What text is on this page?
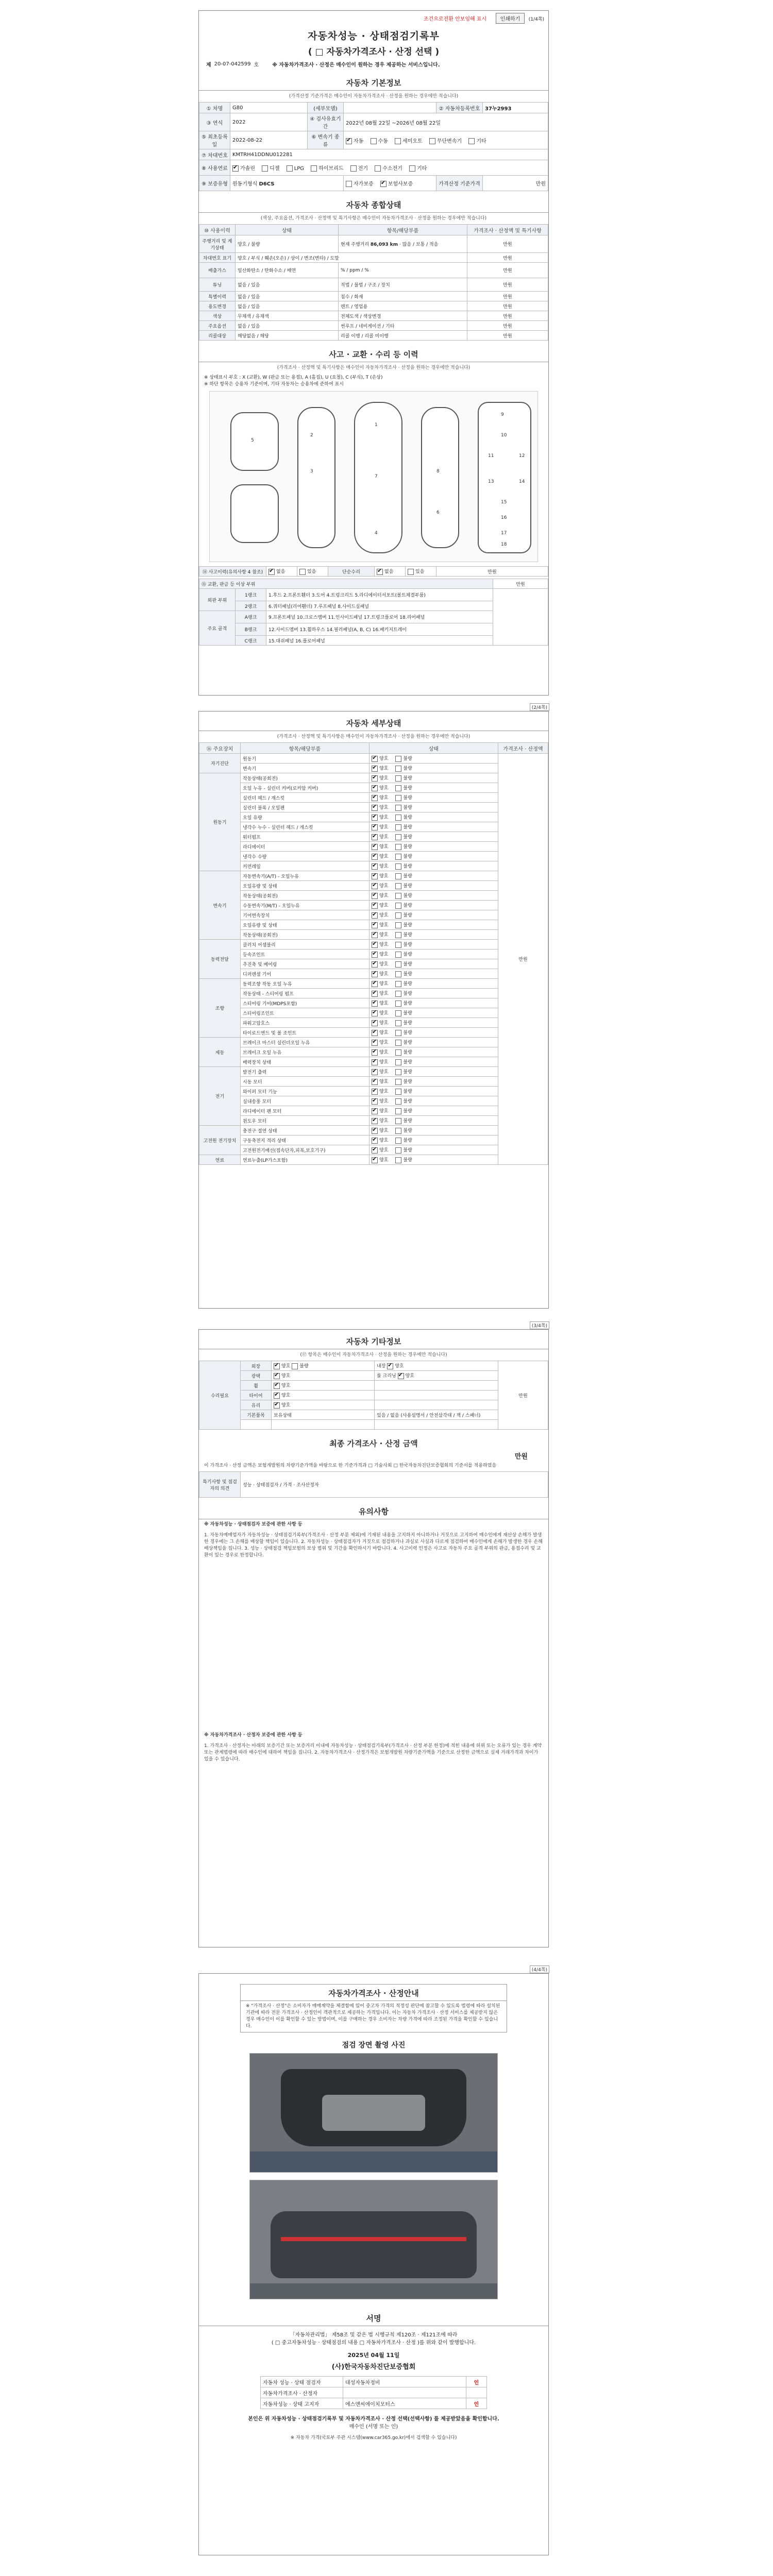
조건으로전환 안보임해 표시	인쇄하기 (1/4쪽)
자동차성능 · 상태점검기록부
( □ 자동차가격조사 · 산정 선택 )
제 20-07-042599 호	※ 자동차가격조사 · 산정은 매수인이 원하는 경우 제공하는 서비스입니다.
자동차 기본정보
(가격산정 기준가격은 매수인이 자동차가격조사 · 산정을 원하는 경우에만 적습니다)
① 차명	G80	(세부모델)		② 자동차등록번호	37누2993
③ 연식	2022	④ 검사유효기간	2022년 08월 22일 ~2026년 08월 22일		
⑤ 최초등록일	2022-08-22	⑥ 변속기 종류	✔자동 수동 세미오토 무단변속기 기타
⑦ 차대번호	KMTRH41DDNU012281				
⑧ 사용연료	✔가솔린 디젤 LPG 하이브리드 전기 수소전기 기타
⑨ 보증유형	원동기형식 D6CS		자가보증 ✔ 보험사보증	가격산정 기준가격	만원
자동차 종합상태
(색상, 주요옵션, 가격조사 · 산정액 및 특기사항은 매수인이 자동차가격조사 · 산정을 원하는 경우에만 적습니다)
⑩ 사용이력	상태	항목/해당부품	가격조사 · 산정액 및 특기사항
주행거리 및 계기상태	양호 / 불량	현재 주행거리 86,093 km · 많음 / 보통 / 적음	만원
차대번호 표기	양호 / 부식 / 훼손(오손) / 상이 / 변조(변타) / 도말		만원
배출가스	일산화탄소 / 탄화수소 / 매연	% / ppm / %	만원
튜닝	없음 / 있음	적법 / 불법 / 구조 / 장치	만원
특별이력	없음 / 있음	침수 / 화재	만원
용도변경	없음 / 있음	렌트 / 영업용	만원
색상	무채색 / 유채색	전체도색 / 색상변경	만원
주요옵션	없음 / 있음	썬루프 / 네비게이션 / 기타	만원
리콜대상	해당없음 / 해당	리콜 이행 / 리콜 미이행	만원
사고 · 교환 · 수리 등 이력
(가격조사 · 산정액 및 특기사항은 매수인이 자동차가격조사 · 산정을 원하는 경우에만 적습니다)
※ 상태표시 부호 : X (교환), W (판금 또는 용접), A (흠집), U (요철), C (부식), T (손상)
※ 하단 항목은 승용차 기준이며, 기타 자동차는 승용차에 준하여 표시
1
2
3
4
5
6
7
8
9
10
11	12
13	14
15
16
17
18
⑭ 사고이력(유의사항 4 참조)	✔없음	있음	단순수리	✔없음	있음	만원
⑮ 교환, 판금 등 이상 부위			만원
외판 부위	1랭크	1.후드 2.프론트휀더 3.도어 4.트렁크리드 5.라디에이터서포트(볼트체결부품)	
	2랭크	6.쿼터패널(리어휀더) 7.루프패널 8.사이드실패널	
주요 골격	A랭크	9.프론트패널 10.크로스멤버 11.인사이드패널 17.트렁크플로어 18.리어패널	
	B랭크	12.사이드멤버 13.휠하우스 14.필러패널(A, B, C) 16.패키지트레이	
	C랭크	15.대쉬패널 16.플로어패널	
(2/4쪽)
자동차 세부상태
(가격조사 · 산정액 및 특기사항은 매수인이 자동차가격조사 · 산정을 원하는 경우에만 적습니다)
⑯ 주요장치	항목/해당부품	상태	가격조사 · 산정액
자기진단	원동기	✔양호 불량	만원
	변속기	✔양호 불량
원동기	작동상태(공회전)	✔양호 불량
	오일 누유 - 실린더 커버(로커암 커버)	✔양호 불량
	실린더 헤드 / 개스킷	✔양호 불량
	실린더 블록 / 오일팬	✔양호 불량
	오일 유량	✔양호 불량
	냉각수 누수 - 실린더 헤드 / 개스킷	✔양호 불량
	워터펌프	✔양호 불량
	라디에이터	✔양호 불량
	냉각수 수량	✔양호 불량
	커먼레일	✔양호 불량
변속기	자동변속기(A/T) - 오일누유	✔양호 불량
	오일유량 및 상태	✔양호 불량
	작동상태(공회전)	✔양호 불량
	수동변속기(M/T) - 오일누유	✔양호 불량
	기어변속장치	✔양호 불량
	오일유량 및 상태	✔양호 불량
	작동상태(공회전)	✔양호 불량
동력전달	클러치 어셈블리	✔양호 불량
	등속조인트	✔양호 불량
	추진축 및 베어링	✔양호 불량
	디퍼렌셜 기어	✔양호 불량
조향	동력조향 작동 오일 누유	✔양호 불량
	작동상태 - 스티어링 펌프	✔양호 불량
	스티어링 기어(MDPS포함)	✔양호 불량
	스티어링조인트	✔양호 불량
	파워고압호스	✔양호 불량
	타이로드엔드 및 볼 조인트	✔양호 불량
제동	브레이크 마스터 실린더오일 누유	✔양호 불량
	브레이크 오일 누유	✔양호 불량
	배력장치 상태	✔양호 불량
전기	발전기 출력	✔양호 불량
	시동 모터	✔양호 불량
	와이퍼 모터 기능	✔양호 불량
	실내송풍 모터	✔양호 불량
	라디에이터 팬 모터	✔양호 불량
	윈도우 모터	✔양호 불량
고전원 전기장치	충전구 절연 상태	✔양호 불량
	구동축전지 격리 상태	✔양호 불량
	고전원전기배선(접속단자,피복,보호기구)	✔양호 불량
연료	연료누출(LP가스포함)	✔양호 불량
(3/4쪽)
자동차 기타정보
(⑰ 항목은 매수인이 자동차가격조사 · 산정을 원하는 경우에만 적습니다)
수리필요	외장	✔양호 불량	내장 ✔ 양호	만원
	광택	✔양호	룸 크리닝 ✔ 양호
	휠	✔양호	
	타이어	✔양호	
	유리	✔양호	
	기본품목	보유상태	있음 / 없음 (사용설명서 / 안전삼각대 / 잭 / 스패너)	

최종 가격조사 · 산정 금액
만원
이 가격조사 · 산정 금액은 보험개발원의 차량기준가액을 바탕으로 한 기준가격과 □ 기술사회 □ 한국자동차진단보증협회의 기준서를 적용하였음
특기사항 및 점검자의 의견	성능 · 상태점검자 / 가격 · 조사산정자
유의사항
※ 자동차성능 · 상태점검자 보증에 관한 사항 등
1. 자동차매매업자가 자동차성능 · 상태점검기록부(가격조사 · 산정 부분 제외)에 기재된 내용을 고지하지 아니하거나 거짓으로 고지하여 매수인에게 재산상 손해가 발생한 경우에는 그 손해를 배상할 책임이 있습니다. 2. 자동차성능 · 상태점검자가 거짓으로 점검하거나 과실로 사실과 다르게 점검하여 매수인에게 손해가 발생한 경우 손해배상책임을 집니다. 3. 성능 · 상태점검 책임보험의 보상 범위 및 기간을 확인하시기 바랍니다. 4. 사고이력 인정은 사고로 자동차 주요 골격 부위의 판금, 용접수리 및 교환이 있는 경우로 한정합니다.
※ 자동차가격조사 · 산정자 보증에 관한 사항 등
1. 가격조사 · 산정자는 아래의 보증기간 또는 보증거리 이내에 자동차성능 · 상태점검기록부(가격조사 · 산정 부분 한정)에 적힌 내용에 허위 또는 오류가 있는 경우 계약 또는 관계법령에 따라 매수인에 대하여 책임을 집니다. 2. 자동차가격조사 · 산정가격은 보험개발원 차량기준가액을 기준으로 산정한 금액으로 실제 거래가격과 차이가 있을 수 있습니다.
(4/4쪽)
자동차가격조사 · 산정안내
※ "가격조사 · 산정"은 소비자가 매매계약을 체결함에 있어 중고차 가격의 적정성 판단에 참고할 수 있도록 법령에 따라 설치된 기관에 따라 전문 가격조사 · 산정인이 객관적으로 제공하는 가격입니다. 이는 자동차 가격조사 · 산정 서비스를 제공받지 않은 경우 매수인이 이를 확인할 수 있는 방법이며, 이를 구매하는 경우 소비자는 차량 가격에 따라 조정된 가격을 확인할 수 있습니다.
점검 장면 촬영 사진
서명
「자동차관리법」 제58조 및 같은 법 시행규칙 제120조 · 제121조에 따라
( □ 중고자동차성능 · 상태점검의 내용 □ 자동차가격조사 · 산정 )를 위와 같이 발행합니다.
2025년 04월 11일
(사)한국자동차진단보증협회
자동차 성능 · 상태 점검자	대성자동차정비	인
자동차가격조사 · 산정자		
자동차성능 · 상태 고지자	에스앤씨에이치모터스	인
본인은 위 자동차성능 · 상태점검기록부 및 자동차가격조사 · 산정 선택(선택사항) 를 제공받았음을 확인합니다.
매수인 (서명 또는 인)
※ 자동차 가격(국토부 주관 시스템(www.car365.go.kr)에서 검색할 수 있습니다)
